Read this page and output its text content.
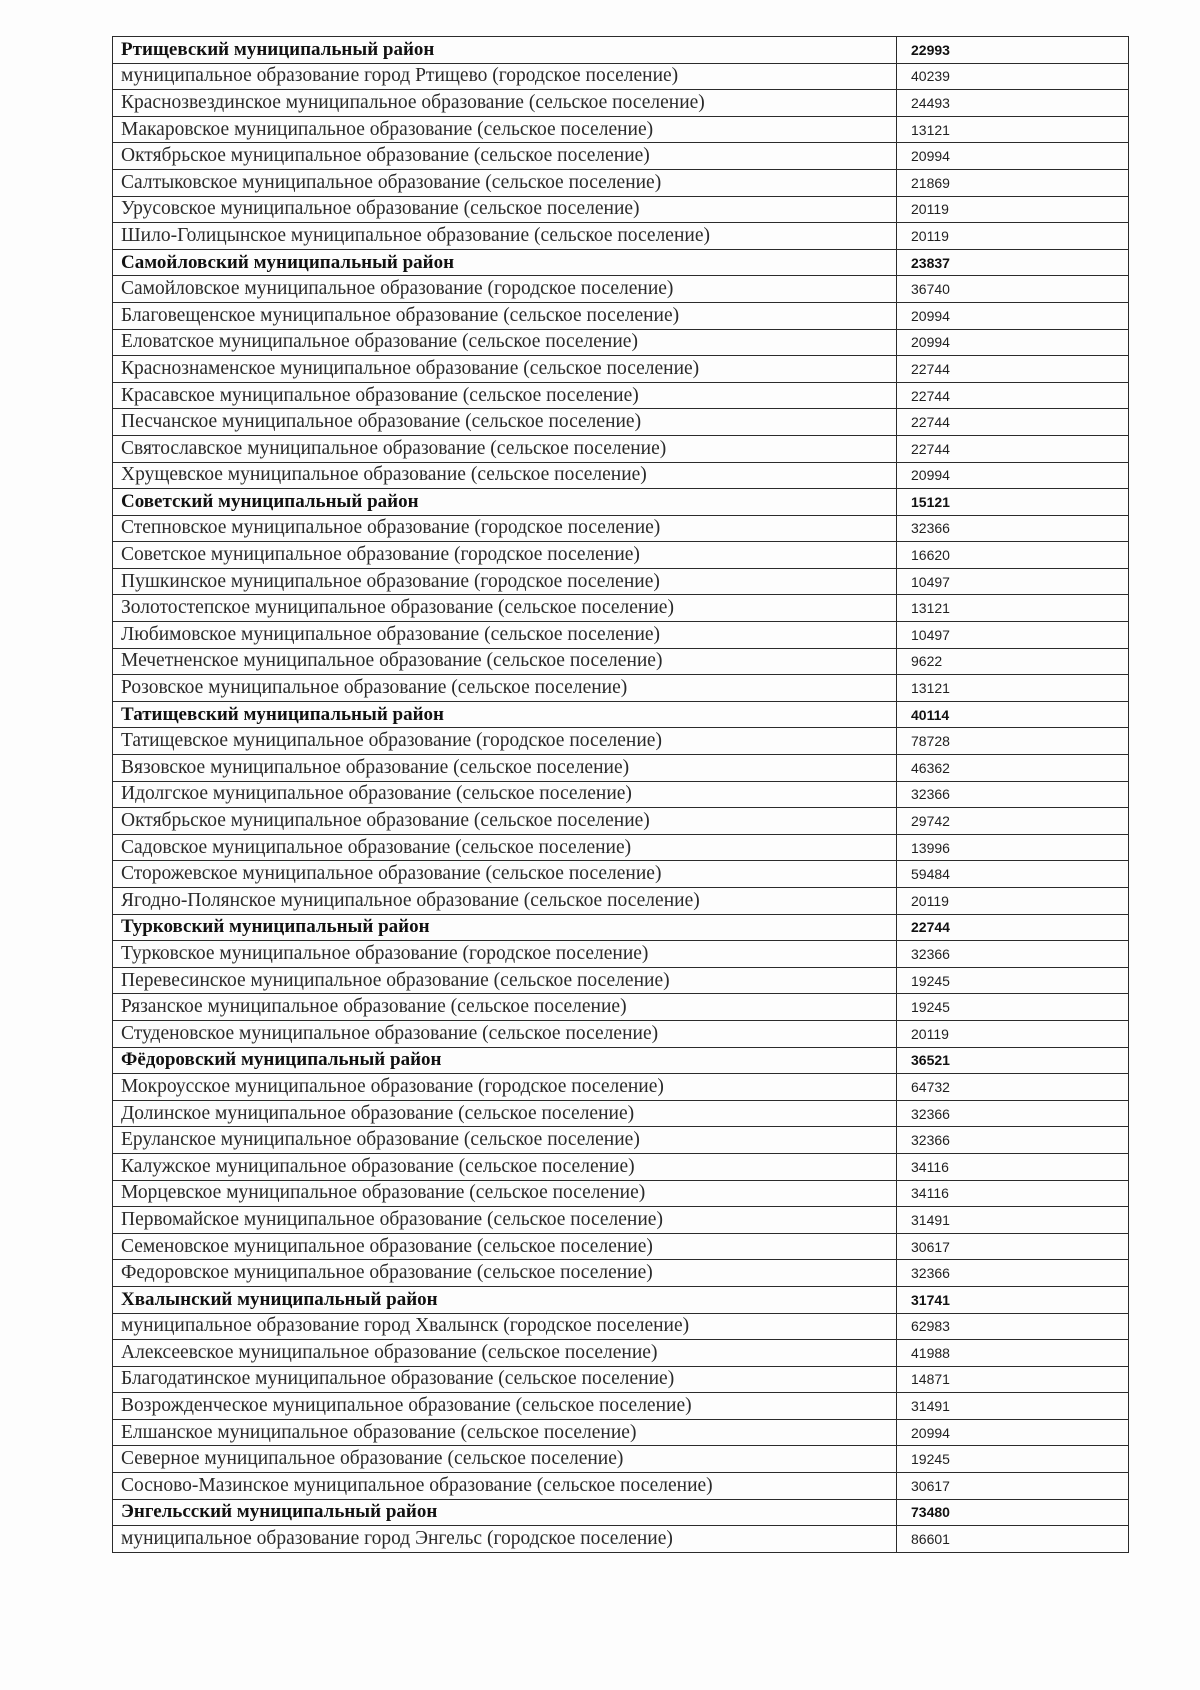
Ртищевский муниципальный район	22993
муниципальное образование город Ртищево (городское поселение)	40239
Краснозвездинское муниципальное образование (сельское поселение)	24493
Макаровское муниципальное образование (сельское поселение)	13121
Октябрьское муниципальное образование (сельское поселение)	20994
Салтыковское муниципальное образование (сельское поселение)	21869
Урусовское муниципальное образование (сельское поселение)	20119
Шило-Голицынское муниципальное образование (сельское поселение)	20119
Самойловский муниципальный район	23837
Самойловское муниципальное образование (городское поселение)	36740
Благовещенское муниципальное образование (сельское поселение)	20994
Еловатское муниципальное образование (сельское поселение)	20994
Краснознаменское муниципальное образование (сельское поселение)	22744
Красавское муниципальное образование (сельское поселение)	22744
Песчанское муниципальное образование (сельское поселение)	22744
Святославское муниципальное образование (сельское поселение)	22744
Хрущевское муниципальное образование (сельское поселение)	20994
Советский муниципальный район	15121
Степновское муниципальное образование (городское поселение)	32366
Советское муниципальное образование (городское поселение)	16620
Пушкинское муниципальное образование (городское поселение)	10497
Золотостепское муниципальное образование (сельское поселение)	13121
Любимовское муниципальное образование (сельское поселение)	10497
Мечетненское муниципальное образование (сельское поселение)	9622
Розовское муниципальное образование (сельское поселение)	13121
Татищевский муниципальный район	40114
Татищевское муниципальное образование (городское поселение)	78728
Вязовское муниципальное образование (сельское поселение)	46362
Идолгское муниципальное образование (сельское поселение)	32366
Октябрьское муниципальное образование (сельское поселение)	29742
Садовское муниципальное образование (сельское поселение)	13996
Сторожевское муниципальное образование (сельское поселение)	59484
Ягодно-Полянское муниципальное образование (сельское поселение)	20119
Турковский муниципальный район	22744
Турковское муниципальное образование (городское поселение)	32366
Перевесинское муниципальное образование (сельское поселение)	19245
Рязанское муниципальное образование (сельское поселение)	19245
Студеновское муниципальное образование (сельское поселение)	20119
Фёдоровский муниципальный район	36521
Мокроусское муниципальное образование (городское поселение)	64732
Долинское муниципальное образование (сельское поселение)	32366
Еруланское муниципальное образование (сельское поселение)	32366
Калужское муниципальное образование (сельское поселение)	34116
Морцевское муниципальное образование (сельское поселение)	34116
Первомайское муниципальное образование (сельское поселение)	31491
Семеновское муниципальное образование (сельское поселение)	30617
Федоровское муниципальное образование (сельское поселение)	32366
Хвалынский муниципальный район	31741
муниципальное образование город Хвалынск (городское поселение)	62983
Алексеевское муниципальное образование (сельское поселение)	41988
Благодатинское муниципальное образование (сельское поселение)	14871
Возрожденческое муниципальное образование (сельское поселение)	31491
Елшанское муниципальное образование (сельское поселение)	20994
Северное муниципальное образование (сельское поселение)	19245
Сосново-Мазинское муниципальное образование (сельское поселение)	30617
Энгельсский муниципальный район	73480
муниципальное образование город Энгельс (городское поселение)	86601
